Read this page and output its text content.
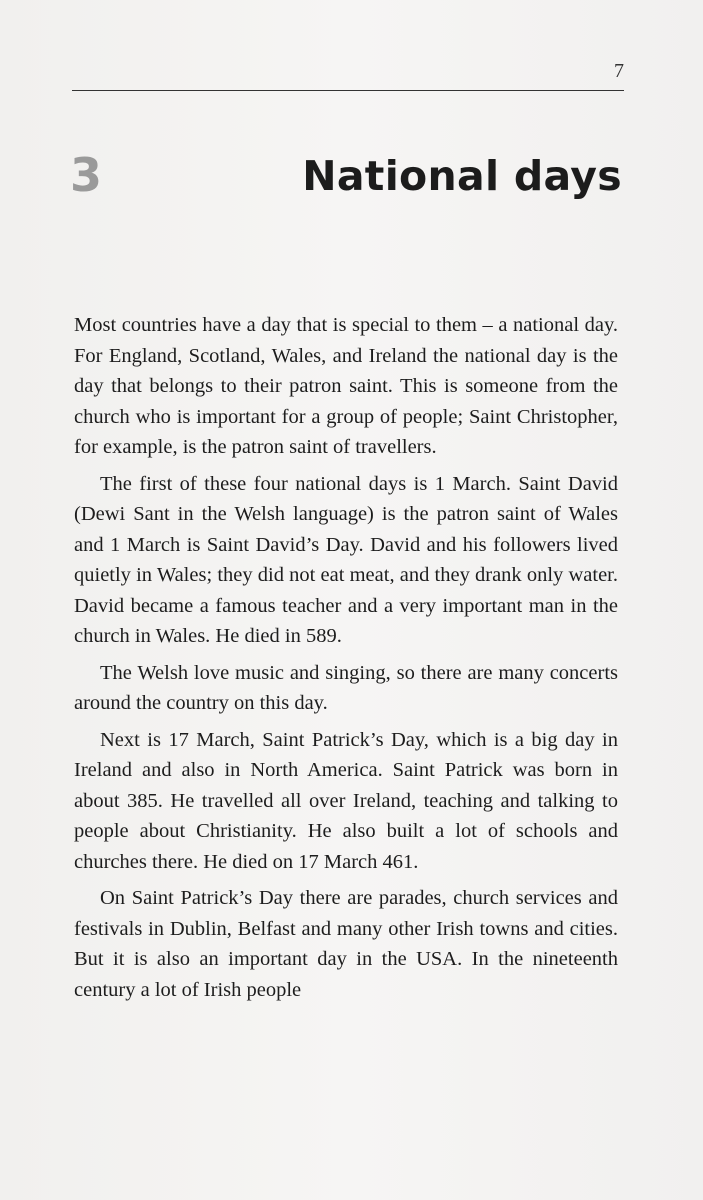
7
3	National days

Most countries have a day that is special to them – a national day. For England, Scotland, Wales, and Ireland the national day is the day that belongs to their patron saint. This is someone from the church who is important for a group of people; Saint Christopher, for example, is the patron saint of travellers.

The first of these four national days is 1 March. Saint David (Dewi Sant in the Welsh language) is the patron saint of Wales and 1 March is Saint David’s Day. David and his followers lived quietly in Wales; they did not eat meat, and they drank only water. David became a famous teacher and a very important man in the church in Wales. He died in 589.

The Welsh love music and singing, so there are many concerts around the country on this day.

Next is 17 March, Saint Patrick’s Day, which is a big day in Ireland and also in North America. Saint Patrick was born in about 385. He travelled all over Ireland, teaching and talking to people about Christianity. He also built a lot of schools and churches there. He died on 17 March 461.

On Saint Patrick’s Day there are parades, church services and festivals in Dublin, Belfast and many other Irish towns and cities. But it is also an important day in the USA. In the nineteenth century a lot of Irish people
